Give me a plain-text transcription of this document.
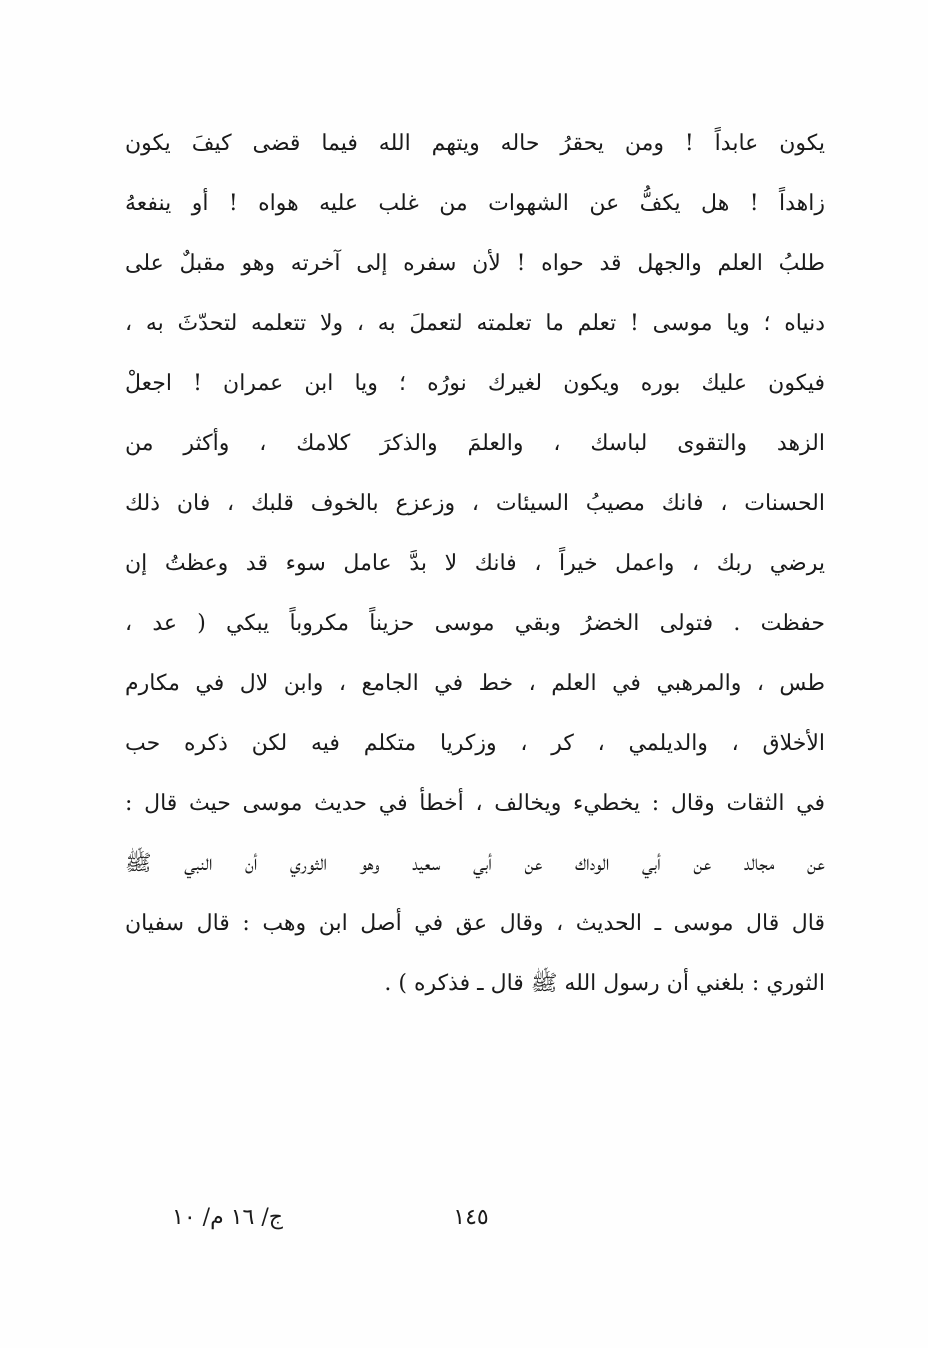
يكون عابداً ! ومن يحقرُ حاله ويتهم الله فيما قضى كيفَ يكون
زاهداً ! هل يكفُّ عن الشهوات من غلب عليه هواه ! أو ينفعهُ
طلبُ العلم والجهل قد حواه ! لأن سفره إلى آخرته وهو مقبلٌ على
دنياه ؛ ويا موسى ! تعلم ما تعلمته لتعملَ به ، ولا تتعلمه لتحدّثَ به ،
فيكون عليك بوره ويكون لغيرك نورُه ؛ ويا ابن عمران ! اجعلْ
الزهد والتقوى لباسك ، والعلمَ والذكرَ كلامك ، وأكثر من
الحسنات ، فانك مصيبُ السيئات ، وزعزع بالخوف قلبك ، فان ذلك
يرضي ربك ، واعمل خيراً ، فانك لا بدَّ عامل سوء قد وعظتُ إن
حفظت . فتولى الخضرُ وبقي موسى حزيناً مكروباً يبكي ( عد ،
طس ، والمرهبي في العلم ، خط في الجامع ، وابن لال في مكارم
الأخلاق ، والديلمي ، كر ، وزكريا متكلم فيه لكن ذكره حب
في الثقات وقال : يخطيء ويخالف ، أخطأ في حديث موسى حيث قال :
عن مجالد عن أبي الوداك عن أبي سعيد وهو الثوري أن النبي ﷺ
قال قال موسى ـ الحديث ، وقال عق في أصل ابن وهب : قال سفيان
الثوري : بلغني أن رسول الله ﷺ قال ـ فذكره ) .
١٤٥
ج/ ١٦ م/ ١٠
